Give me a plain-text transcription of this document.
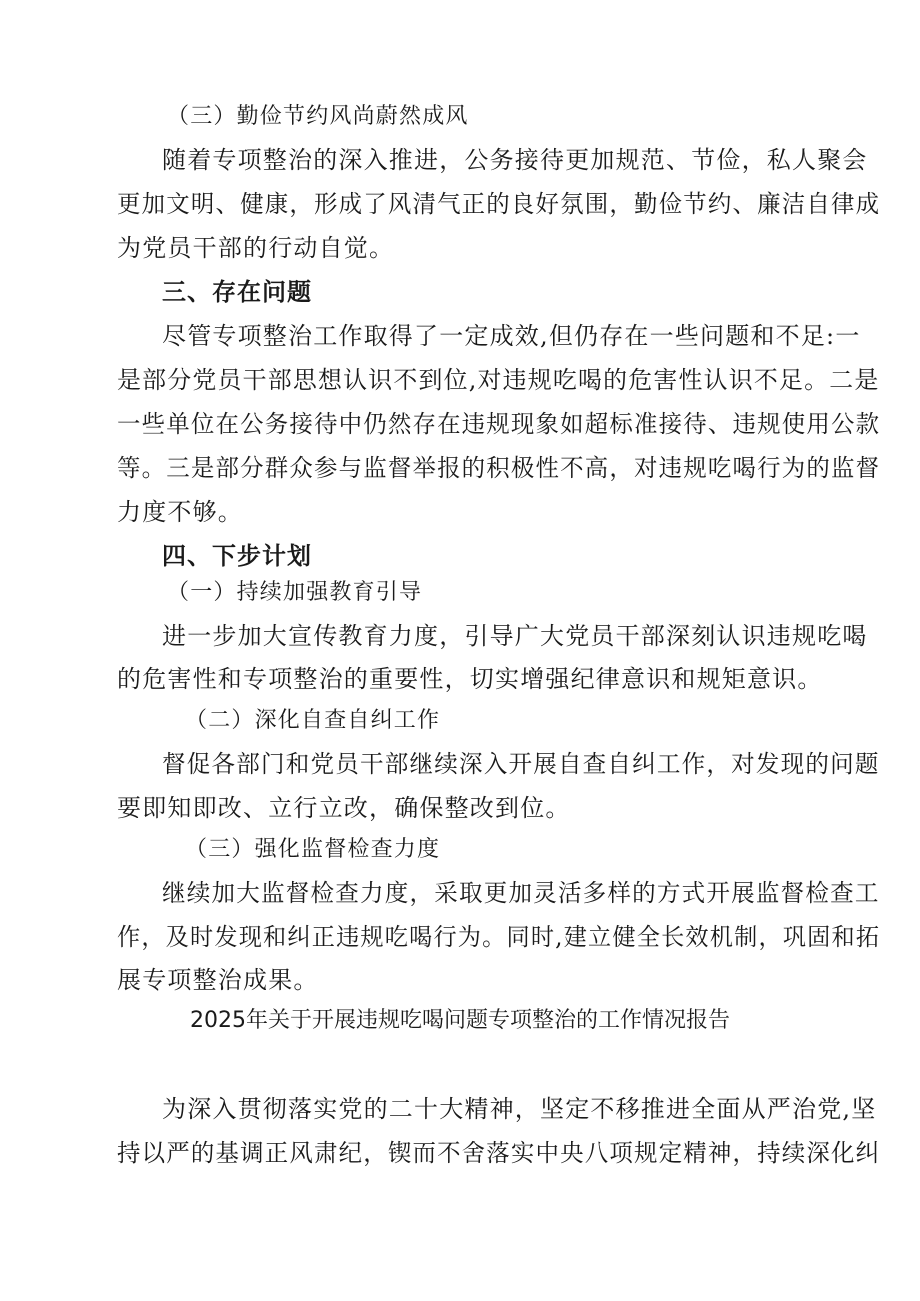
（三）勤俭节约风尚蔚然成风
随着专项整治的深入推进，公务接待更加规范、节俭，私人聚会
更加文明、健康，形成了风清气正的良好氛围，勤俭节约、廉洁自律成
为党员干部的行动自觉。
三、存在问题
尽管专项整治工作取得了一定成效,但仍存在一些问题和不足:一
是部分党员干部思想认识不到位,对违规吃喝的危害性认识不足。二是
一些单位在公务接待中仍然存在违规现象如超标准接待、违规使用公款
等。三是部分群众参与监督举报的积极性不高，对违规吃喝行为的监督
力度不够。
四、下步计划
（一）持续加强教育引导
进一步加大宣传教育力度，引导广大党员干部深刻认识违规吃喝
的危害性和专项整治的重要性，切实增强纪律意识和规矩意识。
（二）深化自查自纠工作
督促各部门和党员干部继续深入开展自查自纠工作，对发现的问题
要即知即改、立行立改，确保整改到位。
（三）强化监督检查力度
继续加大监督检查力度，采取更加灵活多样的方式开展监督检查工
作，及时发现和纠正违规吃喝行为。同时,建立健全长效机制，巩固和拓
展专项整治成果。
2025年关于开展违规吃喝问题专项整治的工作情况报告
为深入贯彻落实党的二十大精神，坚定不移推进全面从严治党,坚
持以严的基调正风肃纪，锲而不舍落实中央八项规定精神，持续深化纠
